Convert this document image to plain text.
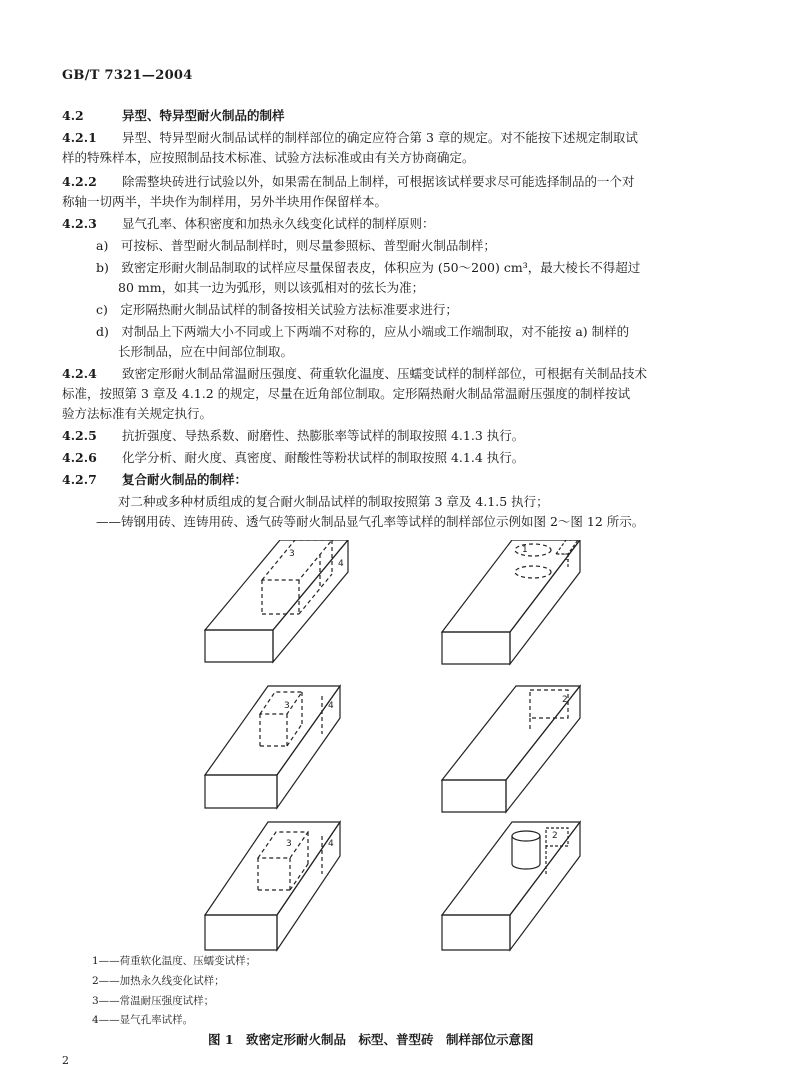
GB/T 7321—2004
4.2	异型、特异型耐火制品的制样
4.2.1 异型、特异型耐火制品试样的制样部位的确定应符合第 3 章的规定。对不能按下述规定制取试
样的特殊样本，应按照制品技术标准、试验方法标准或由有关方协商确定。
4.2.2 除需整块砖进行试验以外，如果需在制品上制样，可根据该试样要求尽可能选择制品的一个对
称轴一切两半，半块作为制样用，另外半块用作保留样本。
4.2.3 显气孔率、体积密度和加热永久线变化试样的制样原则：
a)　可按标、普型耐火制品制样时，则尽量参照标、普型耐火制品制样；
b)　致密定形耐火制品制取的试样应尽量保留表皮，体积应为 (50～200) cm³，最大棱长不得超过
80 mm，如其一边为弧形，则以该弧相对的弦长为准；
c)　定形隔热耐火制品试样的制备按相关试验方法标准要求进行；
d)　对制品上下两端大小不同或上下两端不对称的，应从小端或工作端制取，对不能按 a) 制样的
长形制品，应在中间部位制取。
4.2.4 致密定形耐火制品常温耐压强度、荷重软化温度、压蠕变试样的制样部位，可根据有关制品技术
标准，按照第 3 章及 4.1.2 的规定，尽量在近角部位制取。定形隔热耐火制品常温耐压强度的制样按试
验方法标准有关规定执行。
4.2.5 抗折强度、导热系数、耐磨性、热膨胀率等试样的制取按照 4.1.3 执行。
4.2.6 化学分析、耐火度、真密度、耐酸性等粉状试样的制取按照 4.1.4 执行。
4.2.7 复合耐火制品的制样：
对二种或多种材质组成的复合耐火制品试样的制取按照第 3 章及 4.1.5 执行；
——铸钢用砖、连铸用砖、透气砖等耐火制品显气孔率等试样的制样部位示例如图 2～图 12 所示。
3
4
1
2
3	4
2
3	4
2
1——荷重软化温度、压蠕变试样；
2——加热永久线变化试样；
3——常温耐压强度试样；
4——显气孔率试样。
图 1　致密定形耐火制品　标型、普型砖　制样部位示意图
2
